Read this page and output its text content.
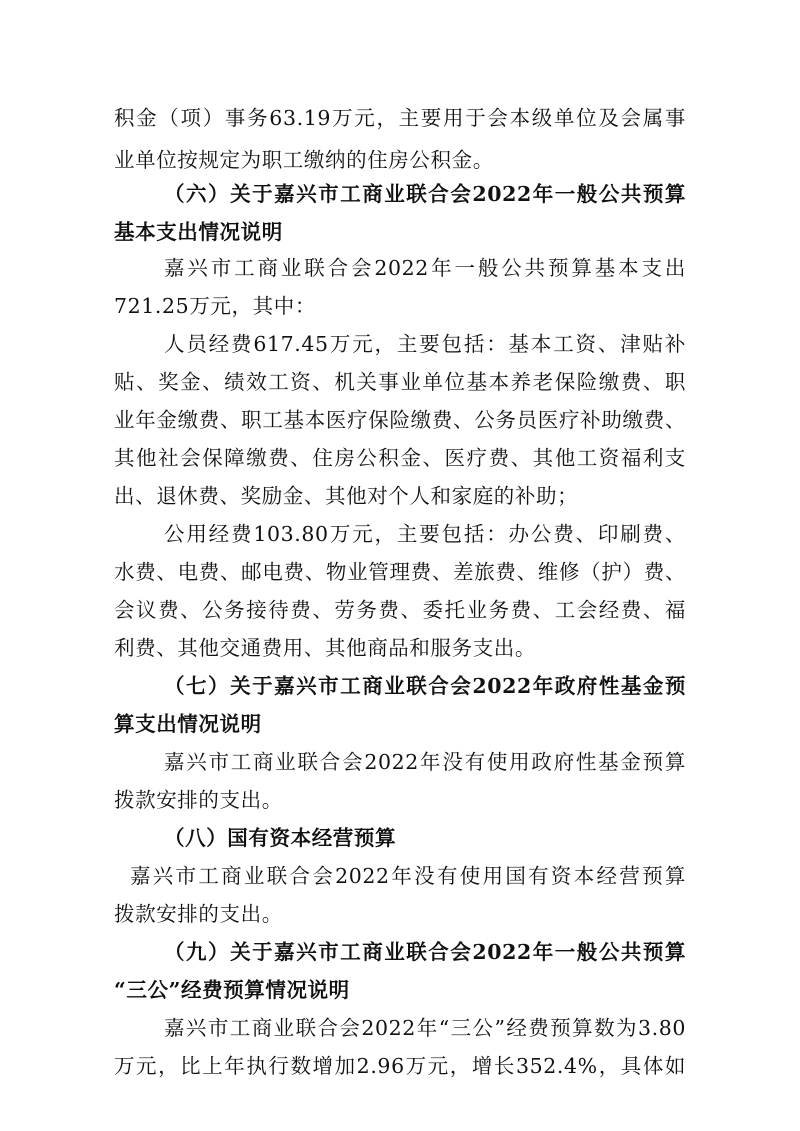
积金（项）事务63.19万元，主要用于会本级单位及会属事
业单位按规定为职工缴纳的住房公积金。
（六）关于嘉兴市工商业联合会2022年一般公共预算
基本支出情况说明
嘉兴市工商业联合会2022年一般公共预算基本支出
721.25万元，其中：
人员经费617.45万元，主要包括：基本工资、津贴补
贴、奖金、绩效工资、机关事业单位基本养老保险缴费、职
业年金缴费、职工基本医疗保险缴费、公务员医疗补助缴费、
其他社会保障缴费、住房公积金、医疗费、其他工资福利支
出、退休费、奖励金、其他对个人和家庭的补助；
公用经费103.80万元，主要包括：办公费、印刷费、
水费、电费、邮电费、物业管理费、差旅费、维修（护）费、
会议费、公务接待费、劳务费、委托业务费、工会经费、福
利费、其他交通费用、其他商品和服务支出。
（七）关于嘉兴市工商业联合会2022年政府性基金预
算支出情况说明
嘉兴市工商业联合会2022年没有使用政府性基金预算
拨款安排的支出。
（八）国有资本经营预算
嘉兴市工商业联合会2022年没有使用国有资本经营预算
拨款安排的支出。
（九）关于嘉兴市工商业联合会2022年一般公共预算
“三公”经费预算情况说明
嘉兴市工商业联合会2022年“三公”经费预算数为3.80
万元，比上年执行数增加2.96万元，增长352.4%，具体如
